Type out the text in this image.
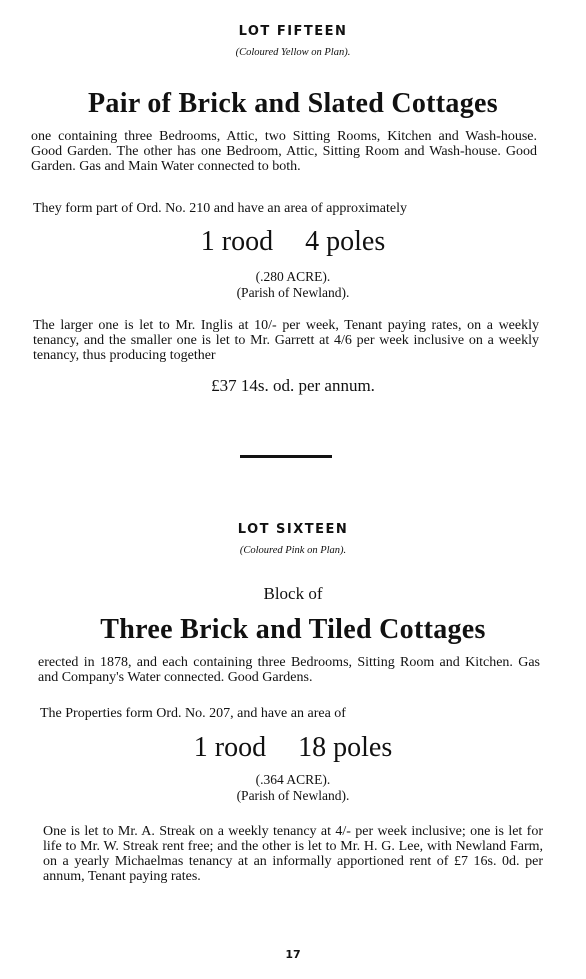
LOT FIFTEEN
(Coloured Yellow on Plan).
Pair of Brick and Slated Cottages
one containing three Bedrooms, Attic, two Sitting Rooms, Kitchen and Wash-house. Good Garden. The other has one Bedroom, Attic, Sitting Room and Wash-house. Good Garden. Gas and Main Water connected to both.
They form part of Ord. No. 210 and have an area of approximately
1 rood 4 poles
(.280 ACRE).
(Parish of Newland).
The larger one is let to Mr. Inglis at 10/- per week, Tenant paying rates, on a weekly tenancy, and the smaller one is let to Mr. Garrett at 4/6 per week inclusive on a weekly tenancy, thus producing together
£37 14s. od. per annum.
LOT SIXTEEN
(Coloured Pink on Plan).
Block of
Three Brick and Tiled Cottages
erected in 1878, and each containing three Bedrooms, Sitting Room and Kitchen. Gas and Company's Water connected. Good Gardens.
The Properties form Ord. No. 207, and have an area of
1 rood 18 poles
(.364 ACRE).
(Parish of Newland).
One is let to Mr. A. Streak on a weekly tenancy at 4/- per week inclusive; one is let for life to Mr. W. Streak rent free; and the other is let to Mr. H. G. Lee, with Newland Farm, on a yearly Michaelmas tenancy at an informally apportioned rent of £7 16s. 0d. per annum, Tenant paying rates.
17
